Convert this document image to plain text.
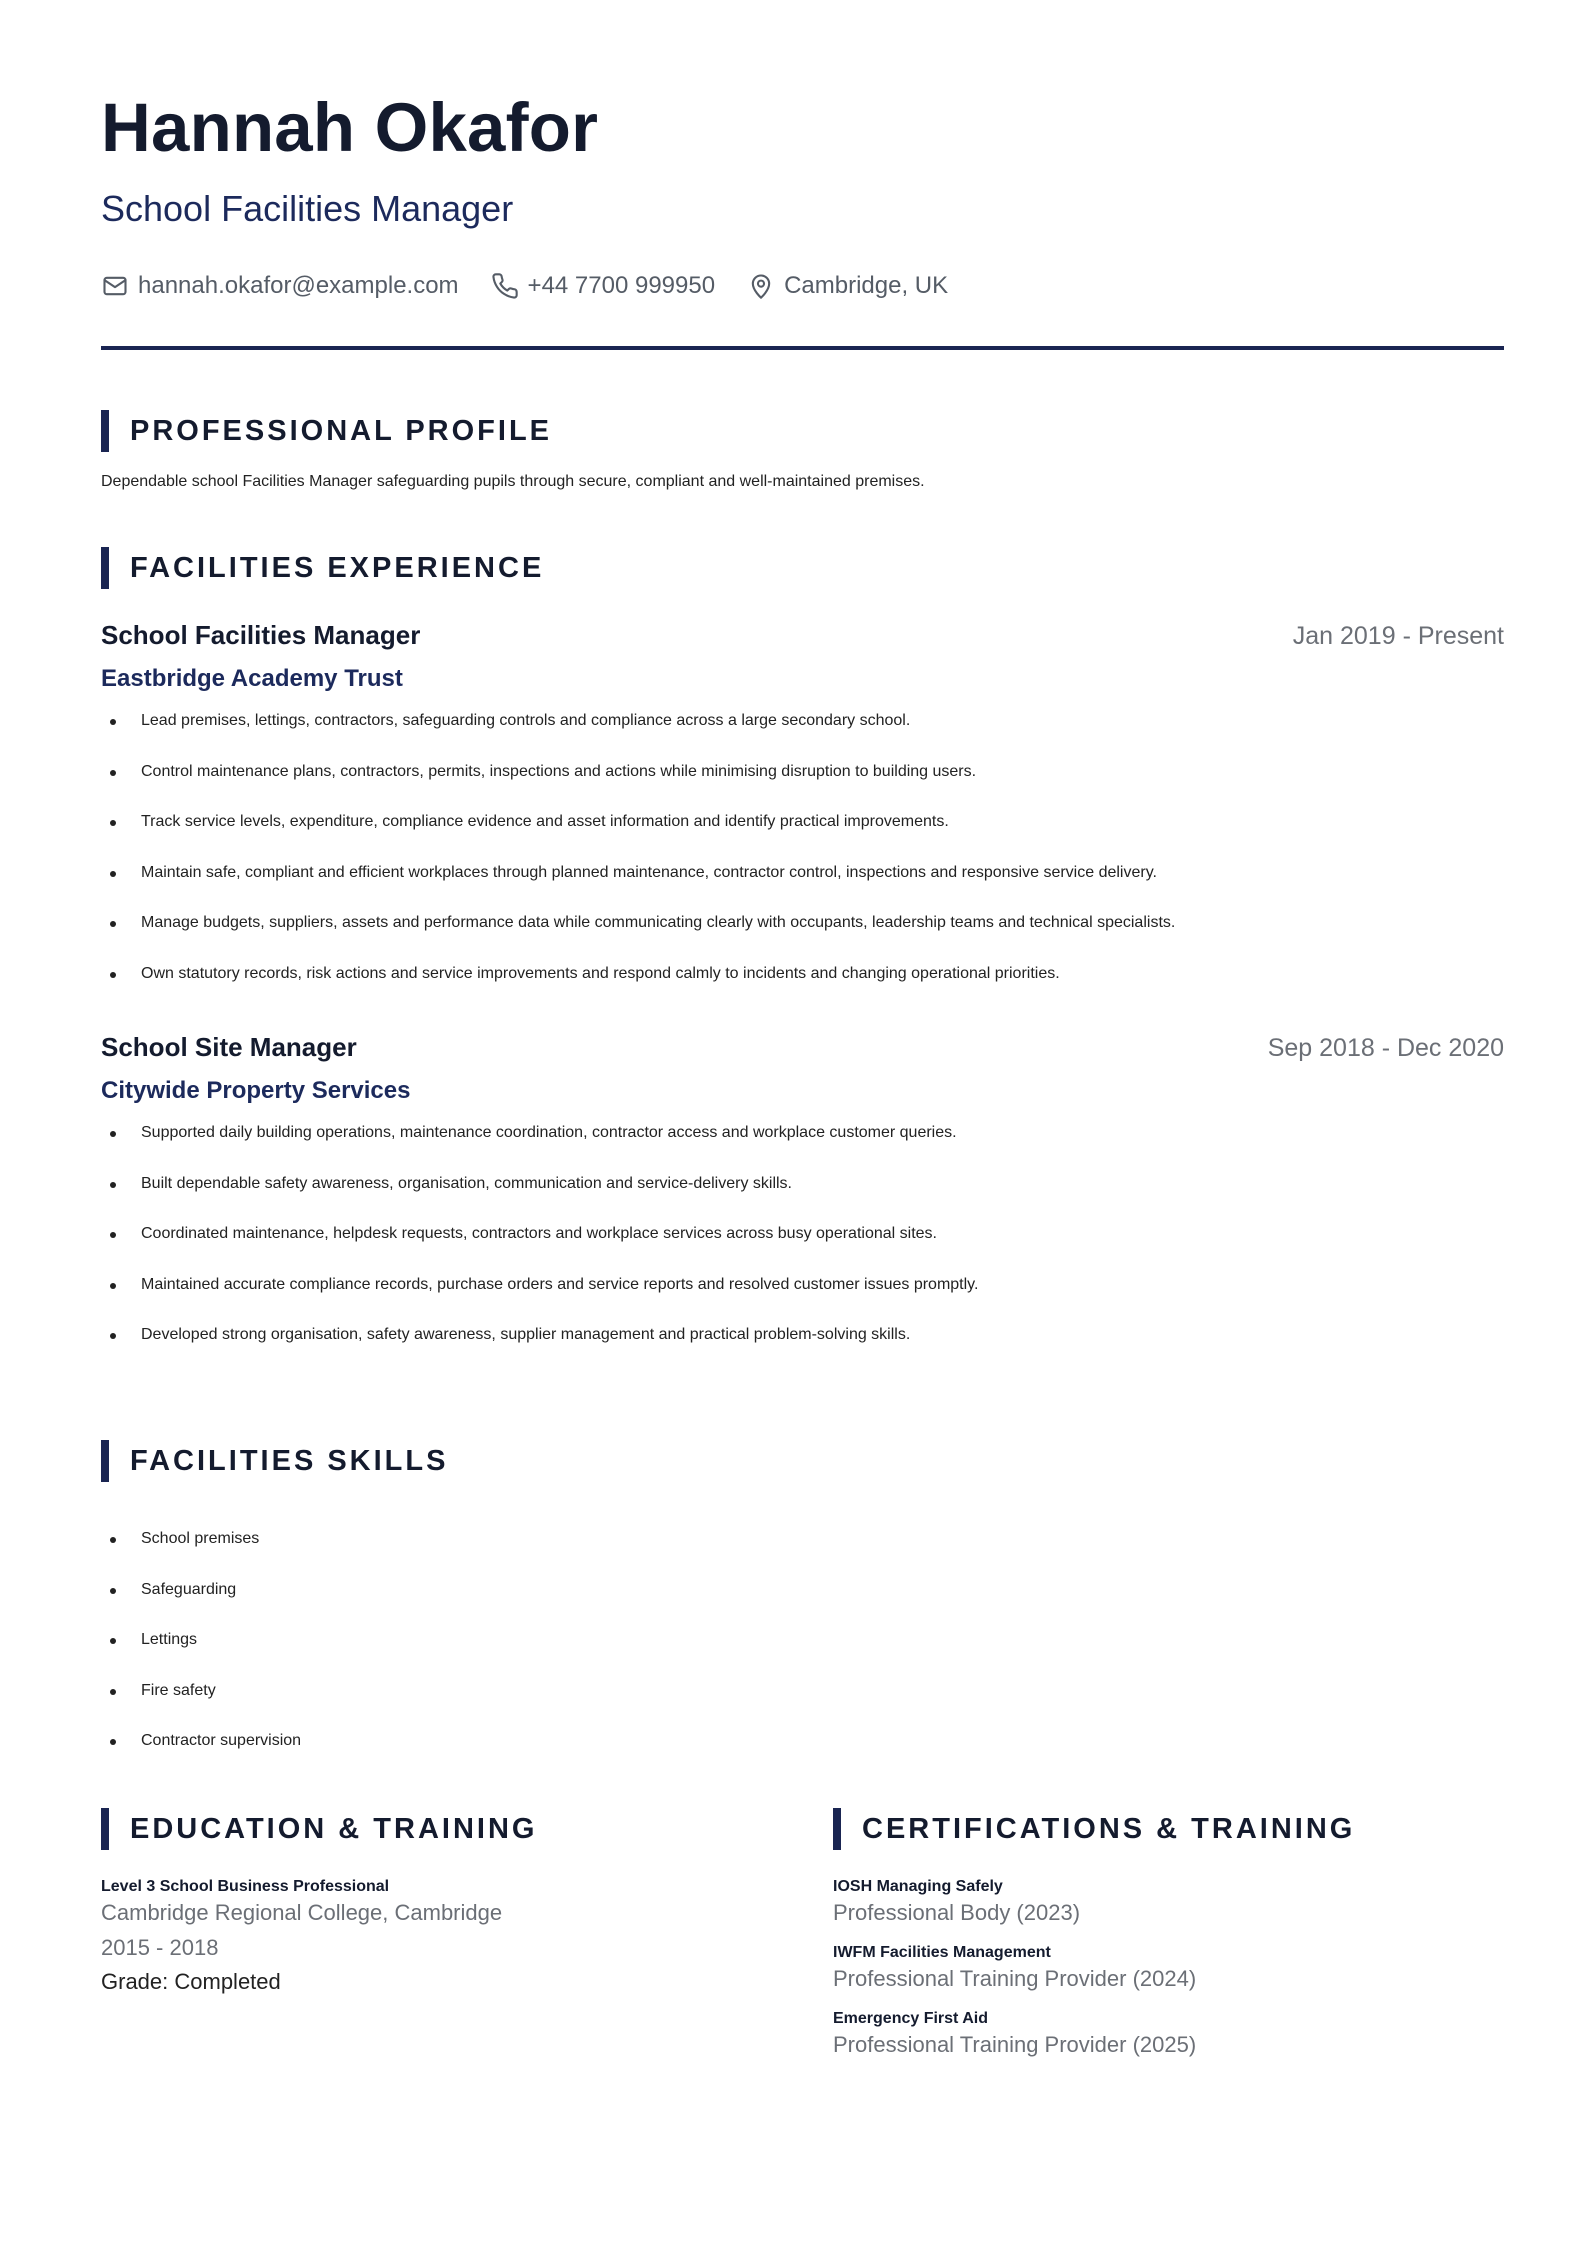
Hannah Okafor
School Facilities Manager
hannah.okafor@example.com	+44 7700 999950	Cambridge, UK
PROFESSIONAL PROFILE
Dependable school Facilities Manager safeguarding pupils through secure, compliant and well-maintained premises.
FACILITIES EXPERIENCE
School Facilities Manager	Jan 2019 - Present
Eastbridge Academy Trust
Lead premises, lettings, contractors, safeguarding controls and compliance across a large secondary school.
Control maintenance plans, contractors, permits, inspections and actions while minimising disruption to building users.
Track service levels, expenditure, compliance evidence and asset information and identify practical improvements.
Maintain safe, compliant and efficient workplaces through planned maintenance, contractor control, inspections and responsive service delivery.
Manage budgets, suppliers, assets and performance data while communicating clearly with occupants, leadership teams and technical specialists.
Own statutory records, risk actions and service improvements and respond calmly to incidents and changing operational priorities.
School Site Manager	Sep 2018 - Dec 2020
Citywide Property Services
Supported daily building operations, maintenance coordination, contractor access and workplace customer queries.
Built dependable safety awareness, organisation, communication and service-delivery skills.
Coordinated maintenance, helpdesk requests, contractors and workplace services across busy operational sites.
Maintained accurate compliance records, purchase orders and service reports and resolved customer issues promptly.
Developed strong organisation, safety awareness, supplier management and practical problem-solving skills.
FACILITIES SKILLS
School premises
Safeguarding
Lettings
Fire safety
Contractor supervision
EDUCATION & TRAINING
Level 3 School Business Professional
Cambridge Regional College, Cambridge
2015 - 2018
Grade: Completed
CERTIFICATIONS & TRAINING
IOSH Managing Safely
Professional Body (2023)
IWFM Facilities Management
Professional Training Provider (2024)
Emergency First Aid
Professional Training Provider (2025)
